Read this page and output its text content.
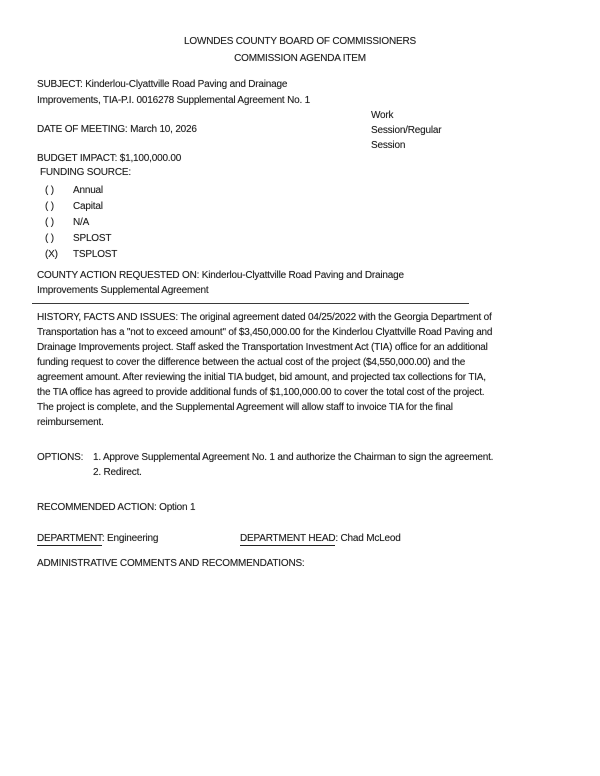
LOWNDES COUNTY BOARD OF COMMISSIONERS
COMMISSION AGENDA ITEM
SUBJECT: Kinderlou-Clyattville Road Paving and Drainage
Improvements, TIA-P.I. 0016278 Supplemental Agreement No. 1
Work
Session/Regular
Session
DATE OF MEETING: March 10, 2026
BUDGET IMPACT: $1,100,000.00
FUNDING SOURCE:
( )	Annual
( )	Capital
( )	N/A
( )	SPLOST
(X)	TSPLOST
COUNTY ACTION REQUESTED ON: Kinderlou-Clyattville Road Paving and Drainage
Improvements Supplemental Agreement
HISTORY, FACTS AND ISSUES: The original agreement dated 04/25/2022 with the Georgia Department of
Transportation has a "not to exceed amount" of $3,450,000.00 for the Kinderlou Clyattville Road Paving and
Drainage Improvements project. Staff asked the Transportation Investment Act (TIA) office for an additional
funding request to cover the difference between the actual cost of the project ($4,550,000.00) and the
agreement amount. After reviewing the initial TIA budget, bid amount, and projected tax collections for TIA,
the TIA office has agreed to provide additional funds of $1,100,000.00 to cover the total cost of the project.
The project is complete, and the Supplemental Agreement will allow staff to invoice TIA for the final
reimbursement.
OPTIONS: 1. Approve Supplemental Agreement No. 1 and authorize the Chairman to sign the agreement.
2. Redirect.
RECOMMENDED ACTION: Option 1
DEPARTMENT: Engineering	DEPARTMENT HEAD: Chad McLeod
ADMINISTRATIVE COMMENTS AND RECOMMENDATIONS:
